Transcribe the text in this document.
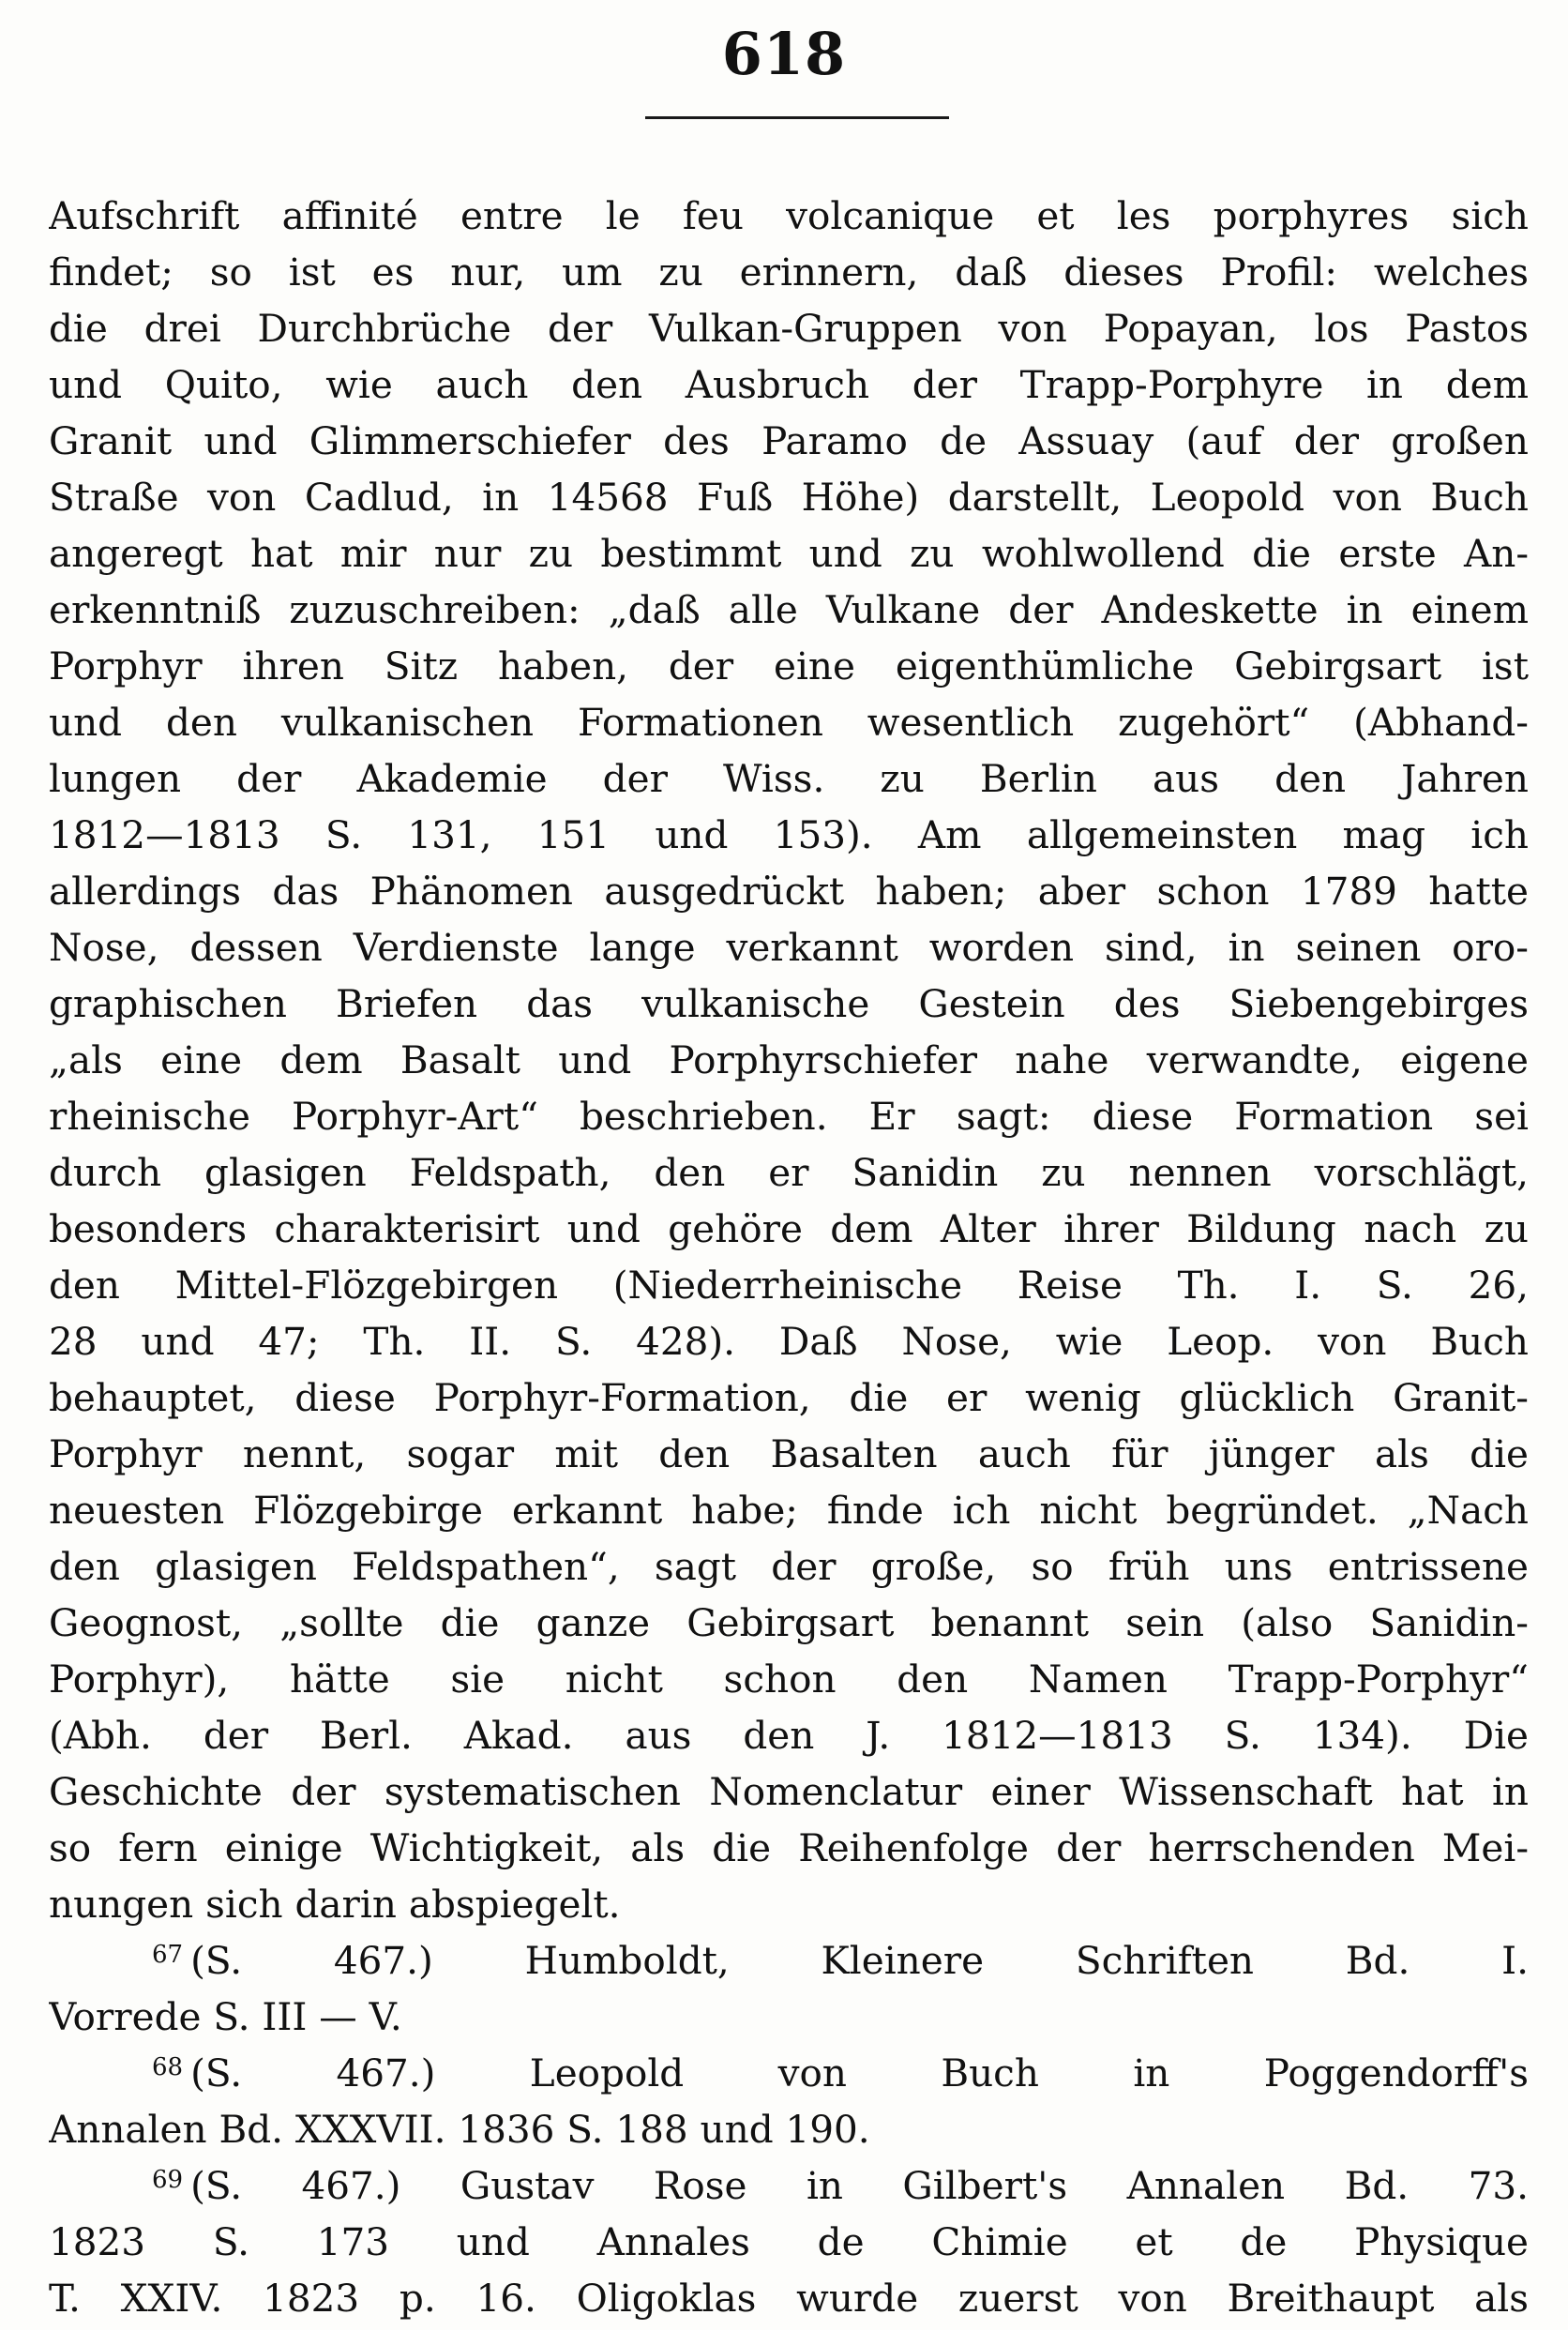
618
Aufschrift affinité entre le feu volcanique et les porphyres sich
findet; so ist es nur, um zu erinnern, daß dieses Profil: welches
die drei Durchbrüche der Vulkan-Gruppen von Popayan, los Pastos
und Quito, wie auch den Ausbruch der Trapp-Porphyre in dem
Granit und Glimmerschiefer des Paramo de Assuay (auf der großen
Straße von Cadlud, in 14568 Fuß Höhe) darstellt, Leopold von Buch
angeregt hat mir nur zu bestimmt und zu wohlwollend die erste An-
erkenntniß zuzuschreiben: „daß alle Vulkane der Andeskette in einem
Porphyr ihren Sitz haben, der eine eigenthümliche Gebirgsart ist
und den vulkanischen Formationen wesentlich zugehört“ (Abhand-
lungen der Akademie der Wiss. zu Berlin aus den Jahren
1812—1813 S. 131, 151 und 153). Am allgemeinsten mag ich
allerdings das Phänomen ausgedrückt haben; aber schon 1789 hatte
Nose, dessen Verdienste lange verkannt worden sind, in seinen oro-
graphischen Briefen das vulkanische Gestein des Siebengebirges
„als eine dem Basalt und Porphyrschiefer nahe verwandte, eigene
rheinische Porphyr-Art“ beschrieben. Er sagt: diese Formation sei
durch glasigen Feldspath, den er Sanidin zu nennen vorschlägt,
besonders charakterisirt und gehöre dem Alter ihrer Bildung nach zu
den Mittel-Flözgebirgen (Niederrheinische Reise Th. I. S. 26,
28 und 47; Th. II. S. 428). Daß Nose, wie Leop. von Buch
behauptet, diese Porphyr-Formation, die er wenig glücklich Granit-
Porphyr nennt, sogar mit den Basalten auch für jünger als die
neuesten Flözgebirge erkannt habe; finde ich nicht begründet. „Nach
den glasigen Feldspathen“, sagt der große, so früh uns entrissene
Geognost, „sollte die ganze Gebirgsart benannt sein (also Sanidin-
Porphyr), hätte sie nicht schon den Namen Trapp-Porphyr“
(Abh. der Berl. Akad. aus den J. 1812—1813 S. 134). Die
Geschichte der systematischen Nomenclatur einer Wissenschaft hat in
so fern einige Wichtigkeit, als die Reihenfolge der herrschenden Mei-
nungen sich darin abspiegelt.
$^{67}$ (S. 467.) Humboldt, Kleinere Schriften Bd. I.
Vorrede S. III — V.
$^{68}$ (S. 467.) Leopold von Buch in Poggendorff's
Annalen Bd. XXXVII. 1836 S. 188 und 190.
$^{69}$ (S. 467.) Gustav Rose in Gilbert's Annalen Bd. 73.
1823 S. 173 und Annales de Chimie et de Physique
T. XXIV. 1823 p. 16. Oligoklas wurde zuerst von Breithaupt als
